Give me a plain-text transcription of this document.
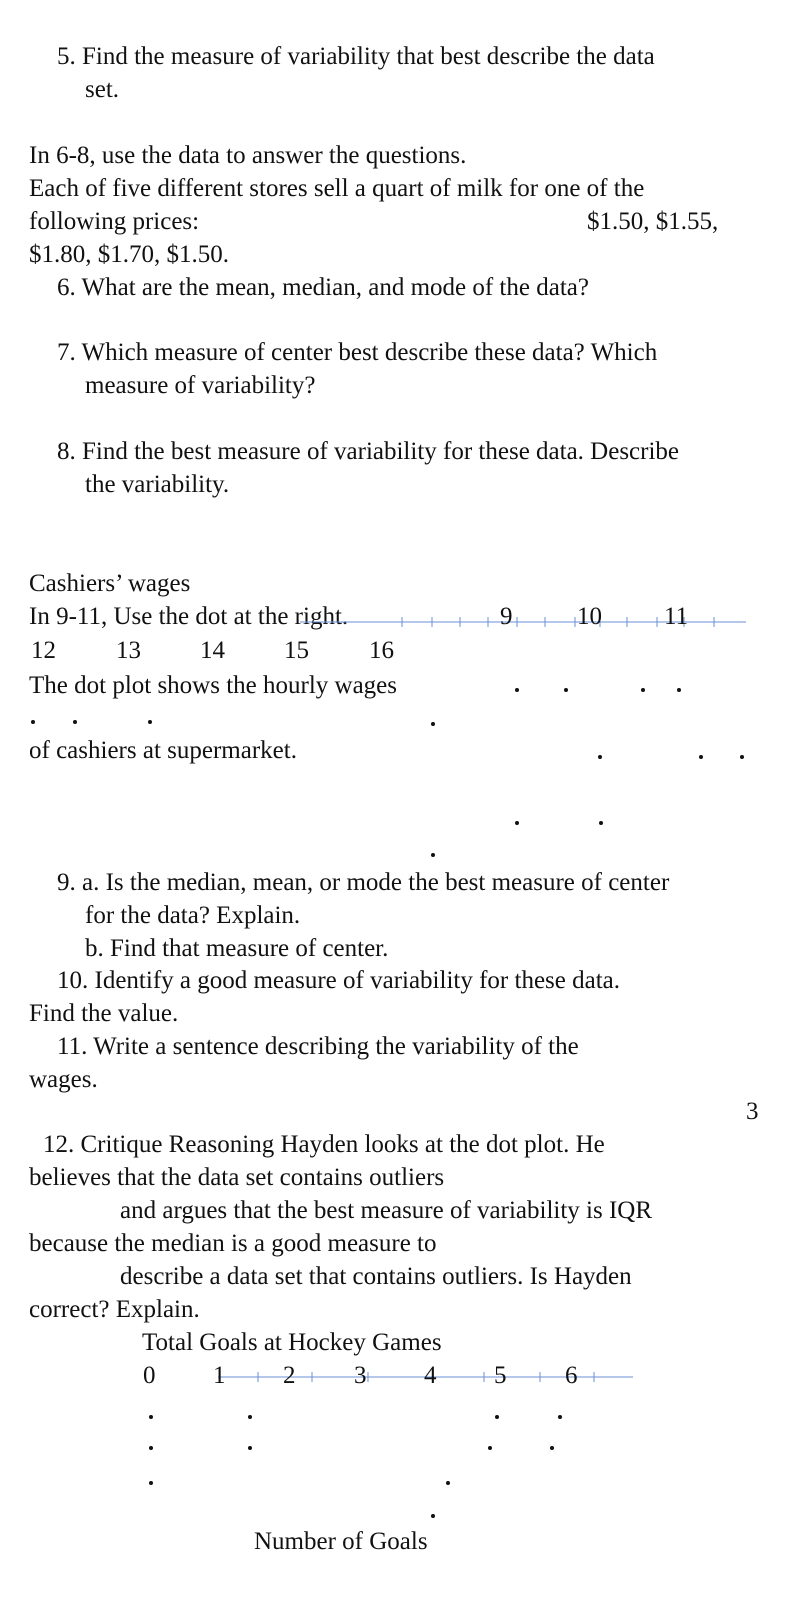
5. Find the measure of variability that best describe the data
set.
In 6-8, use the data to answer the questions.
Each of five different stores sell a quart of milk for one of the
following prices:	$1.50, $1.55,
$1.80, $1.70, $1.50.
6. What are the mean, median, and mode of the data?
7. Which measure of center best describe these data? Which
measure of variability?
8. Find the best measure of variability for these data. Describe
the variability.
Cashiers’ wages
In 9-11, Use the dot at the right.	9	10 11
12 13 14 15 16
The dot plot shows the hourly wages
of cashiers at supermarket.
9. a. Is the median, mean, or mode the best measure of center
for the data? Explain.
b. Find that measure of center.
10. Identify a good measure of variability for these data.
Find the value.
11. Write a sentence describing the variability of the
wages.
3
12. Critique Reasoning Hayden looks at the dot plot. He
believes that the data set contains outliers
and argues that the best measure of variability is IQR
because the median is a good measure to
describe a data set that contains outliers. Is Hayden
correct? Explain.
Total Goals at Hockey Games
0 1 2 3 4 5 6
Number of Goals
